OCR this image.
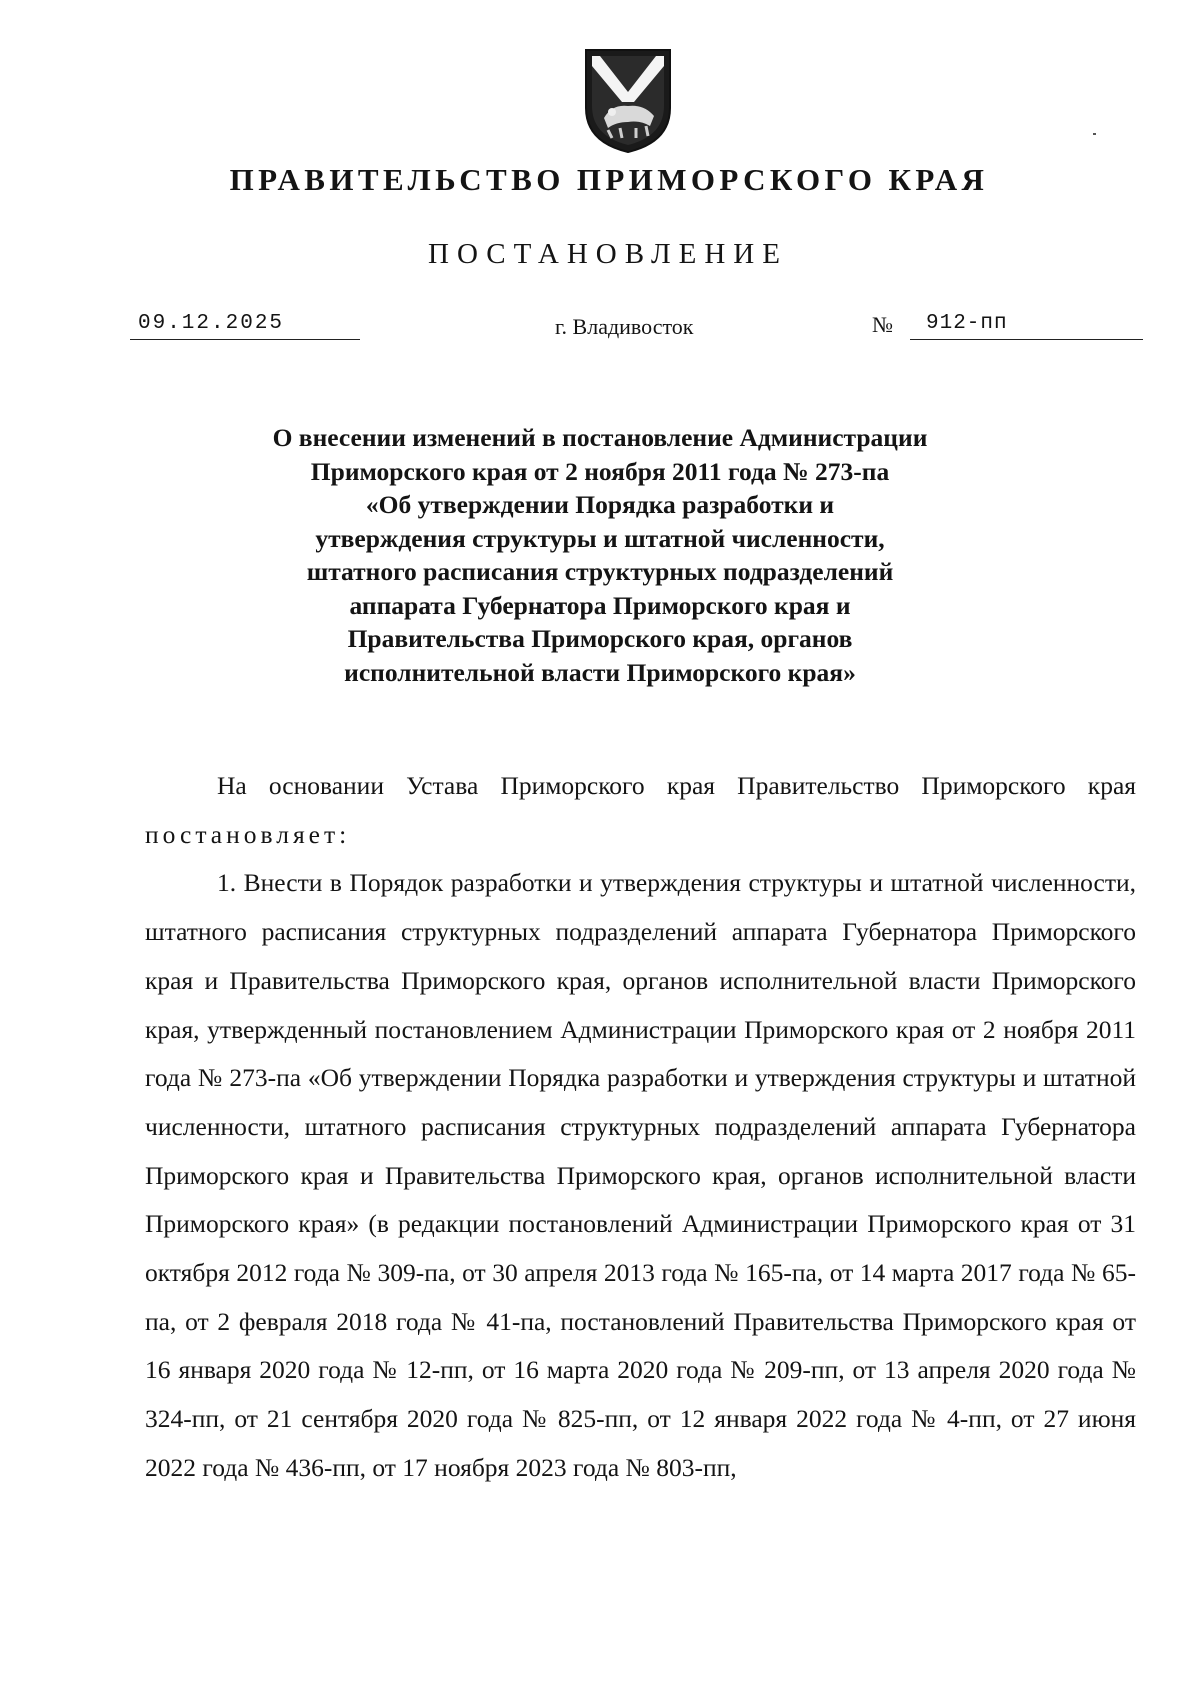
ПРАВИТЕЛЬСТВО ПРИМОРСКОГО КРАЯ
ПОСТАНОВЛЕНИЕ
09.12.2025	г. Владивосток	№	912-пп
О внесении изменений в постановление Администрации
Приморского края от 2 ноября 2011 года № 273-па
«Об утверждении Порядка разработки и
утверждения структуры и штатной численности,
штатного расписания структурных подразделений
аппарата Губернатора Приморского края и
Правительства Приморского края, органов
исполнительной власти Приморского края»

На основании Устава Приморского края Правительство Приморского края постановляет:

1. Внести в Порядок разработки и утверждения структуры и штатной численности, штатного расписания структурных подразделений аппарата Губернатора Приморского края и Правительства Приморского края, органов исполнительной власти Приморского края, утвержденный постановлением Администрации Приморского края от 2 ноября 2011 года № 273-па «Об утверждении Порядка разработки и утверждения структуры и штатной численности, штатного расписания структурных подразделений аппарата Губернатора Приморского края и Правительства Приморского края, органов исполнительной власти Приморского края» (в редакции постановлений Администрации Приморского края от 31 октября 2012 года № 309-па, от 30 апреля 2013 года № 165-па, от 14 марта 2017 года № 65-па, от 2 февраля 2018 года № 41-па, постановлений Правительства Приморского края от 16 января 2020 года № 12-пп, от 16 марта 2020 года № 209-пп, от 13 апреля 2020 года № 324-пп, от 21 сентября 2020 года № 825-пп, от 12 января 2022 года № 4-пп, от 27 июня 2022 года № 436-пп, от 17 ноября 2023 года № 803-пп,
